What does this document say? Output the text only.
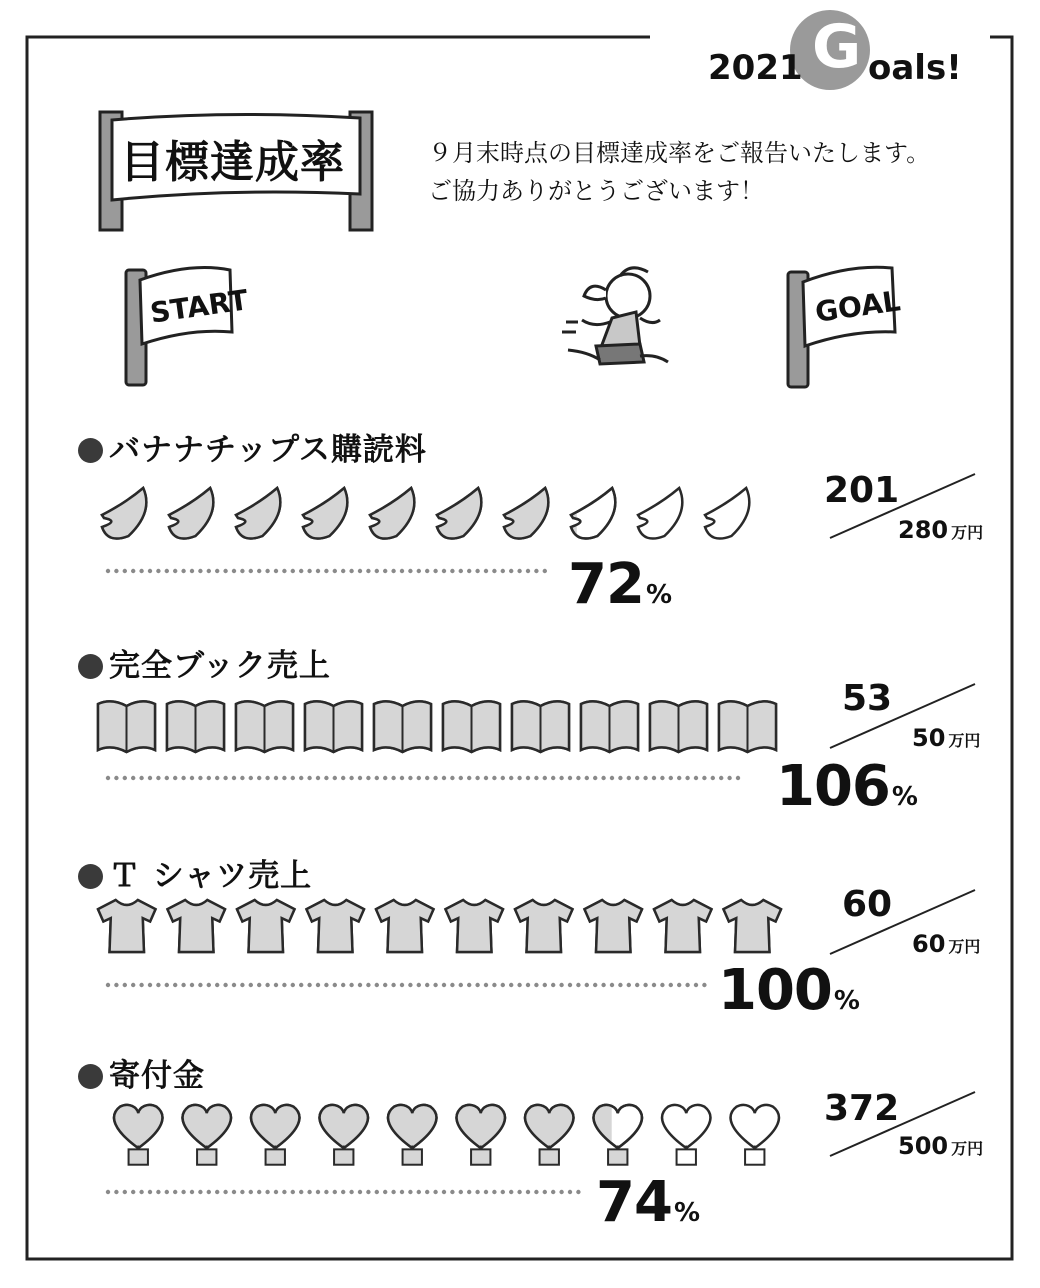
2021 G oals!
目標達成率	９月末時点の目標達成率をご報告いたします。
ご協力ありがとうございます！
START	GOAL
バナナチップス購読料
201
280 万円
72%
完全ブック売上
53
50 万円
106%
Ｔ シャツ売上
60
60 万円
100%
寄付金
372
500 万円
74%
